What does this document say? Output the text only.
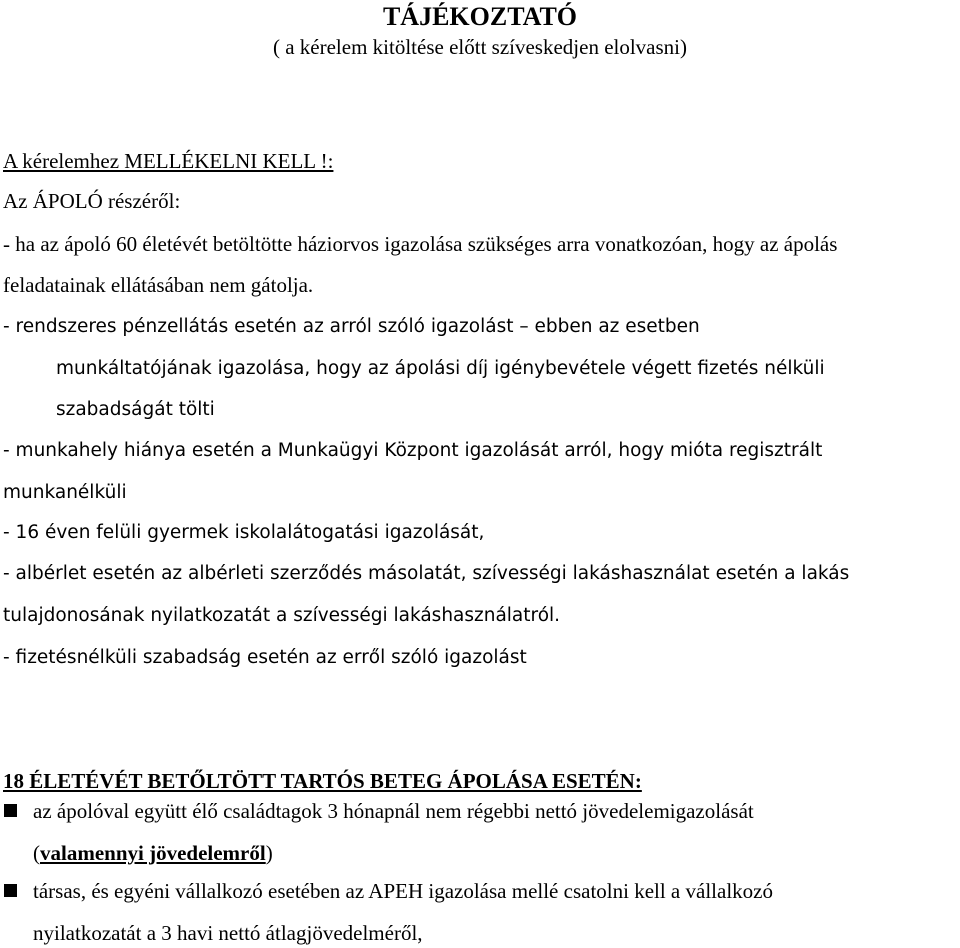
TÁJÉKOZTATÓ
( a kérelem kitöltése előtt szíveskedjen elolvasni)
A kérelemhez MELLÉKELNI KELL !:
Az ÁPOLÓ részéről:
- ha az ápoló 60 életévét betöltötte háziorvos igazolása szükséges arra vonatkozóan, hogy az ápolás
feladatainak ellátásában nem gátolja.
- rendszeres pénzellátás esetén az arról szóló igazolást – ebben az esetben
munkáltatójának igazolása, hogy az ápolási díj igénybevétele végett fizetés nélküli
szabadságát tölti
- munkahely hiánya esetén a Munkaügyi Központ igazolását arról, hogy mióta regisztrált
munkanélküli
- 16 éven felüli gyermek iskolalátogatási igazolását,
- albérlet esetén az albérleti szerződés másolatát, szívességi lakáshasználat esetén a lakás
tulajdonosának nyilatkozatát a szívességi lakáshasználatról.
- fizetésnélküli szabadság esetén az erről szóló igazolást
18 ÉLETÉVÉT BETŐLTÖTT TARTÓS BETEG ÁPOLÁSA ESETÉN:
az ápolóval együtt élő családtagok 3 hónapnál nem régebbi nettó jövedelemigazolását
(valamennyi jövedelemről)
társas, és egyéni vállalkozó esetében az APEH igazolása mellé csatolni kell a vállalkozó
nyilatkozatát a 3 havi nettó átlagjövedelméről,
